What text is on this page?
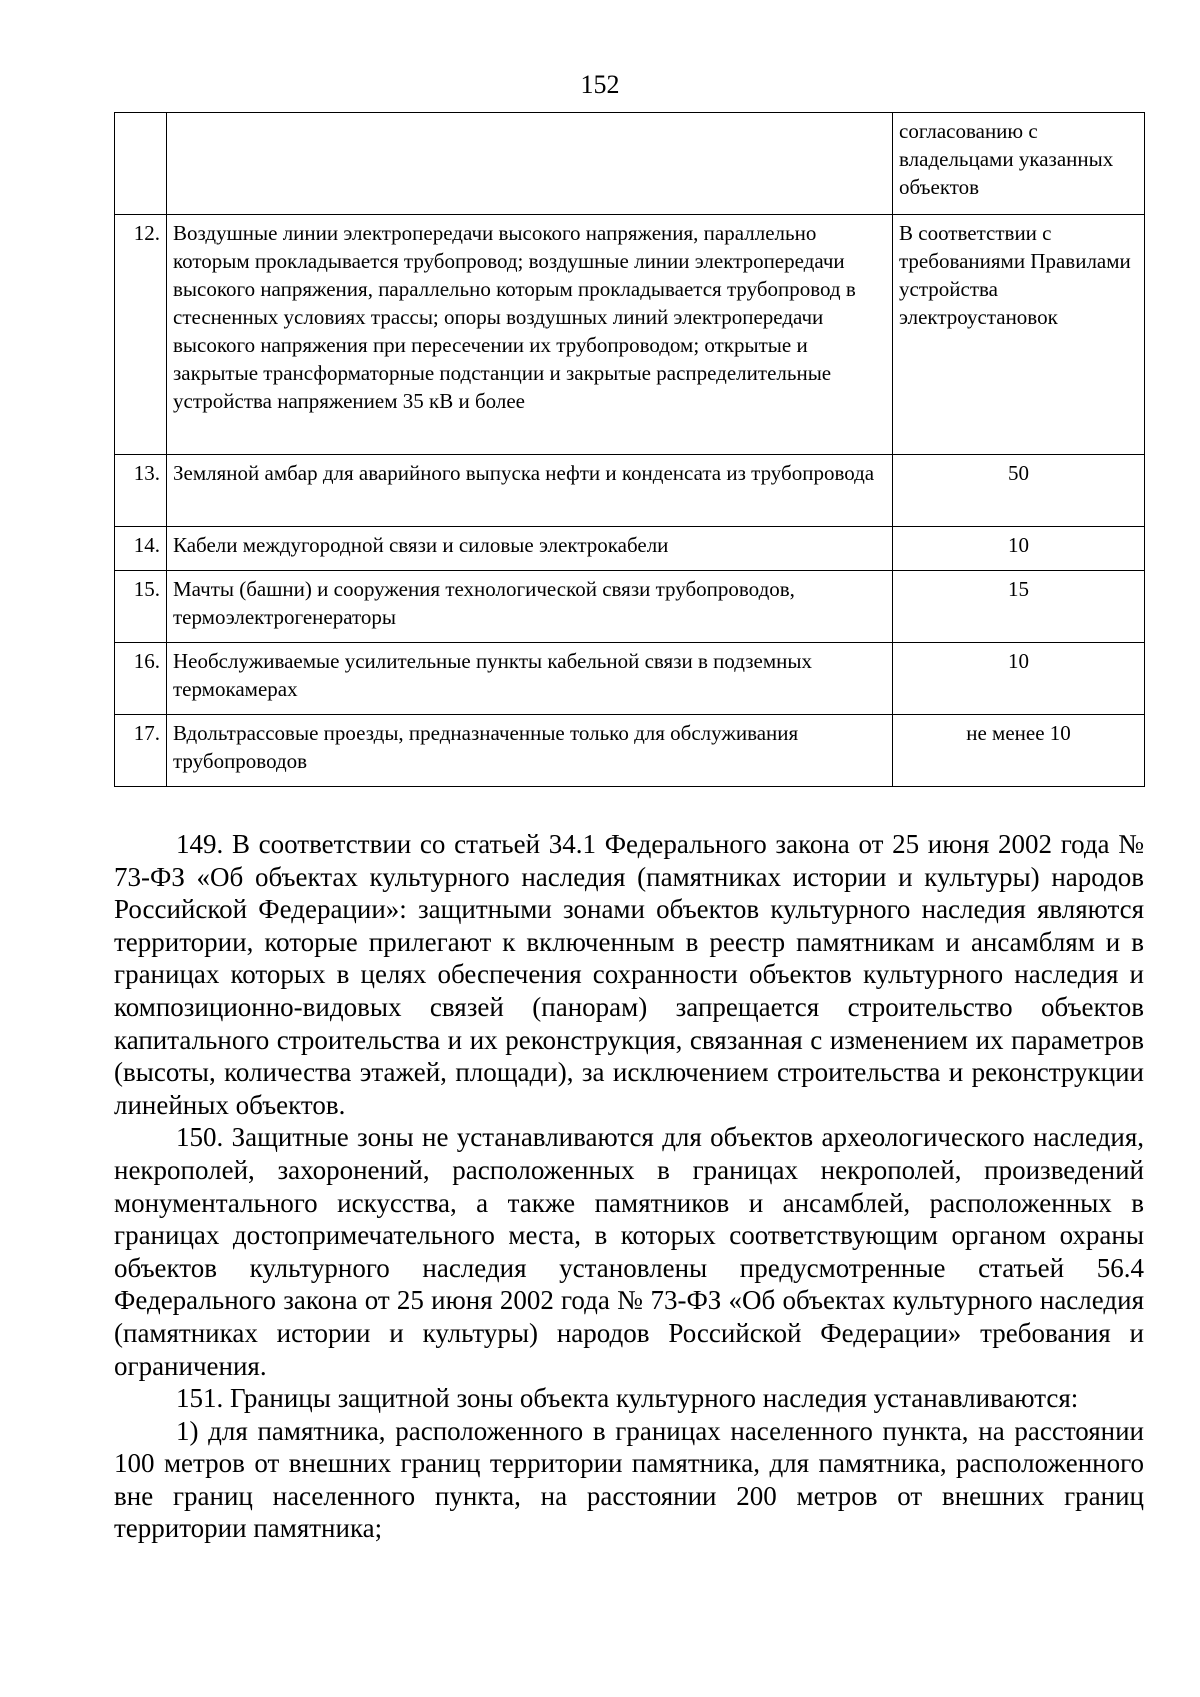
152
		согласованию с владельцами указанных объектов
12.	Воздушные линии электропередачи высокого напряжения, параллельно которым прокладывается трубопровод; воздушные линии электропередачи высокого напряжения, параллельно которым прокладывается трубопровод в стесненных условиях трассы; опоры воздушных линий электропередачи высокого напряжения при пересечении их трубопроводом; открытые и закрытые трансформаторные подстанции и закрытые распределительные устройства напряжением 35 кВ и более	В соответствии с требованиями Правилами устройства электроустановок
13.	Земляной амбар для аварийного выпуска нефти и конденсата из трубопровода	50
14.	Кабели междугородной связи и силовые электрокабели	10
15.	Мачты (башни) и сооружения технологической связи трубопроводов, термоэлектрогенераторы	15
16.	Необслуживаемые усилительные пункты кабельной связи в подземных термокамерах	10
17.	Вдольтрассовые проезды, предназначенные только для обслуживания трубопроводов	не менее 10

149. В соответствии со статьей 34.1 Федерального закона от 25 июня 2002 года № 73-ФЗ «Об объектах культурного наследия (памятниках истории и культуры) народов Российской Федерации»: защитными зонами объектов культурного наследия являются территории, которые прилегают к включенным в реестр памятникам и ансамблям и в границах которых в целях обеспечения сохранности объектов культурного наследия и композиционно-видовых связей (панорам) запрещается строительство объектов капитального строительства и их реконструкция, связанная с изменением их параметров (высоты, количества этажей, площади), за исключением строительства и реконструкции линейных объектов.

150. Защитные зоны не устанавливаются для объектов археологического наследия, некрополей, захоронений, расположенных в границах некрополей, произведений монументального искусства, а также памятников и ансамблей, расположенных в границах достопримечательного места, в которых соответствующим органом охраны объектов культурного наследия установлены предусмотренные статьей 56.4 Федерального закона от 25 июня 2002 года № 73-ФЗ «Об объектах культурного наследия (памятниках истории и культуры) народов Российской Федерации» требования и ограничения.

151. Границы защитной зоны объекта культурного наследия устанавливаются:

1) для памятника, расположенного в границах населенного пункта, на расстоянии 100 метров от внешних границ территории памятника, для памятника, расположенного вне границ населенного пункта, на расстоянии 200 метров от внешних границ территории памятника;
